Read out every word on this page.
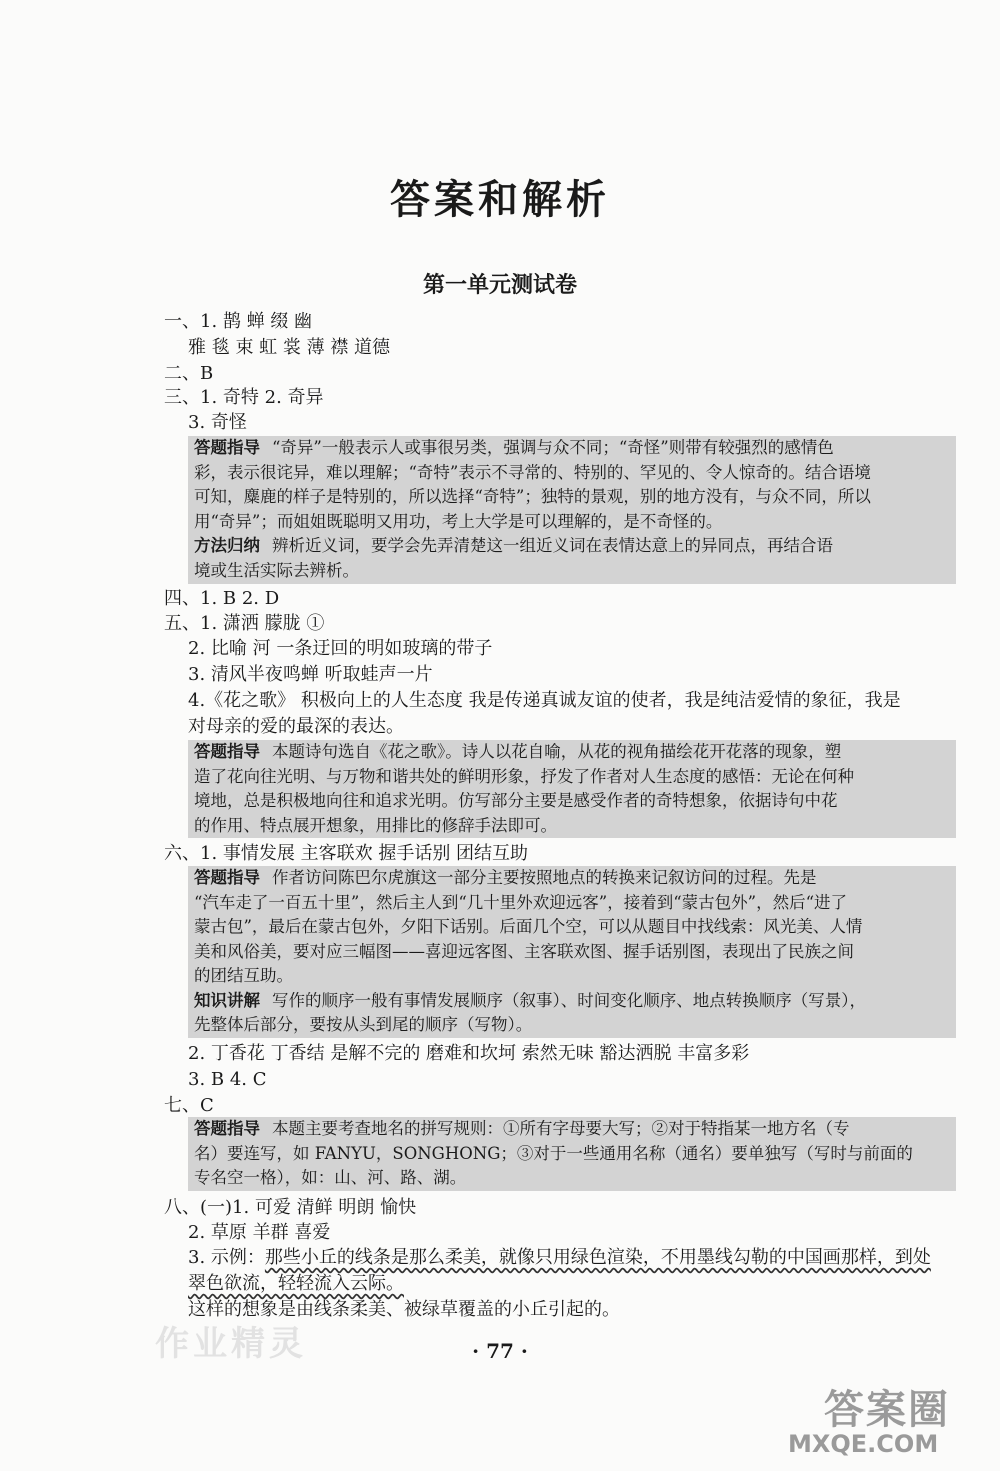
答案和解析
第一单元测试卷
一、1. 鹊 蝉 缀 幽
雅 毯 束 虹 裳 薄 襟 道德
二、B
三、1. 奇特 2. 奇异
3. 奇怪
答题指导 “奇异”一般表示人或事很另类，强调与众不同；“奇怪”则带有较强烈的感情色
彩，表示很诧异，难以理解；“奇特”表示不寻常的、特别的、罕见的、令人惊奇的。结合语境
可知，麋鹿的样子是特别的，所以选择“奇特”；独特的景观，别的地方没有，与众不同，所以
用“奇异”；而姐姐既聪明又用功，考上大学是可以理解的，是不奇怪的。
方法归纳 辨析近义词，要学会先弄清楚这一组近义词在表情达意上的异同点，再结合语
境或生活实际去辨析。
四、1. B 2. D
五、1. 潇洒 朦胧 ①
2. 比喻 河 一条迂回的明如玻璃的带子
3. 清风半夜鸣蝉 听取蛙声一片
4.《花之歌》 积极向上的人生态度 我是传递真诚友谊的使者，我是纯洁爱情的象征，我是
对母亲的爱的最深的表达。
答题指导 本题诗句选自《花之歌》。诗人以花自喻，从花的视角描绘花开花落的现象，塑
造了花向往光明、与万物和谐共处的鲜明形象，抒发了作者对人生态度的感悟：无论在何种
境地，总是积极地向往和追求光明。仿写部分主要是感受作者的奇特想象，依据诗句中花
的作用、特点展开想象，用排比的修辞手法即可。
六、1. 事情发展 主客联欢 握手话别 团结互助
答题指导 作者访问陈巴尔虎旗这一部分主要按照地点的转换来记叙访问的过程。先是
“汽车走了一百五十里”，然后主人到“几十里外欢迎远客”，接着到“蒙古包外”，然后“进了
蒙古包”，最后在蒙古包外，夕阳下话别。后面几个空，可以从题目中找线索：风光美、人情
美和风俗美，要对应三幅图——喜迎远客图、主客联欢图、握手话别图，表现出了民族之间
的团结互助。
知识讲解 写作的顺序一般有事情发展顺序（叙事）、时间变化顺序、地点转换顺序（写景），
先整体后部分，要按从头到尾的顺序（写物）。
2. 丁香花 丁香结 是解不完的 磨难和坎坷 索然无味 豁达洒脱 丰富多彩
3. B 4. C
七、C
答题指导 本题主要考查地名的拼写规则：①所有字母要大写；②对于特指某一地方名（专
名）要连写，如 FANYU，SONGHONG；③对于一些通用名称（通名）要单独写（写时与前面的
专名空一格），如：山、河、路、湖。
八、(一)1. 可爱 清鲜 明朗 愉快
2. 草原 羊群 喜爱
3. 示例：那些小丘的线条是那么柔美，就像只用绿色渲染，不用墨线勾勒的中国画那样，到处
翠色欲流，轻轻流入云际。
这样的想象是由线条柔美、被绿草覆盖的小丘引起的。
作业精灵	· 77 ·
答案圈
MXQE.COM
